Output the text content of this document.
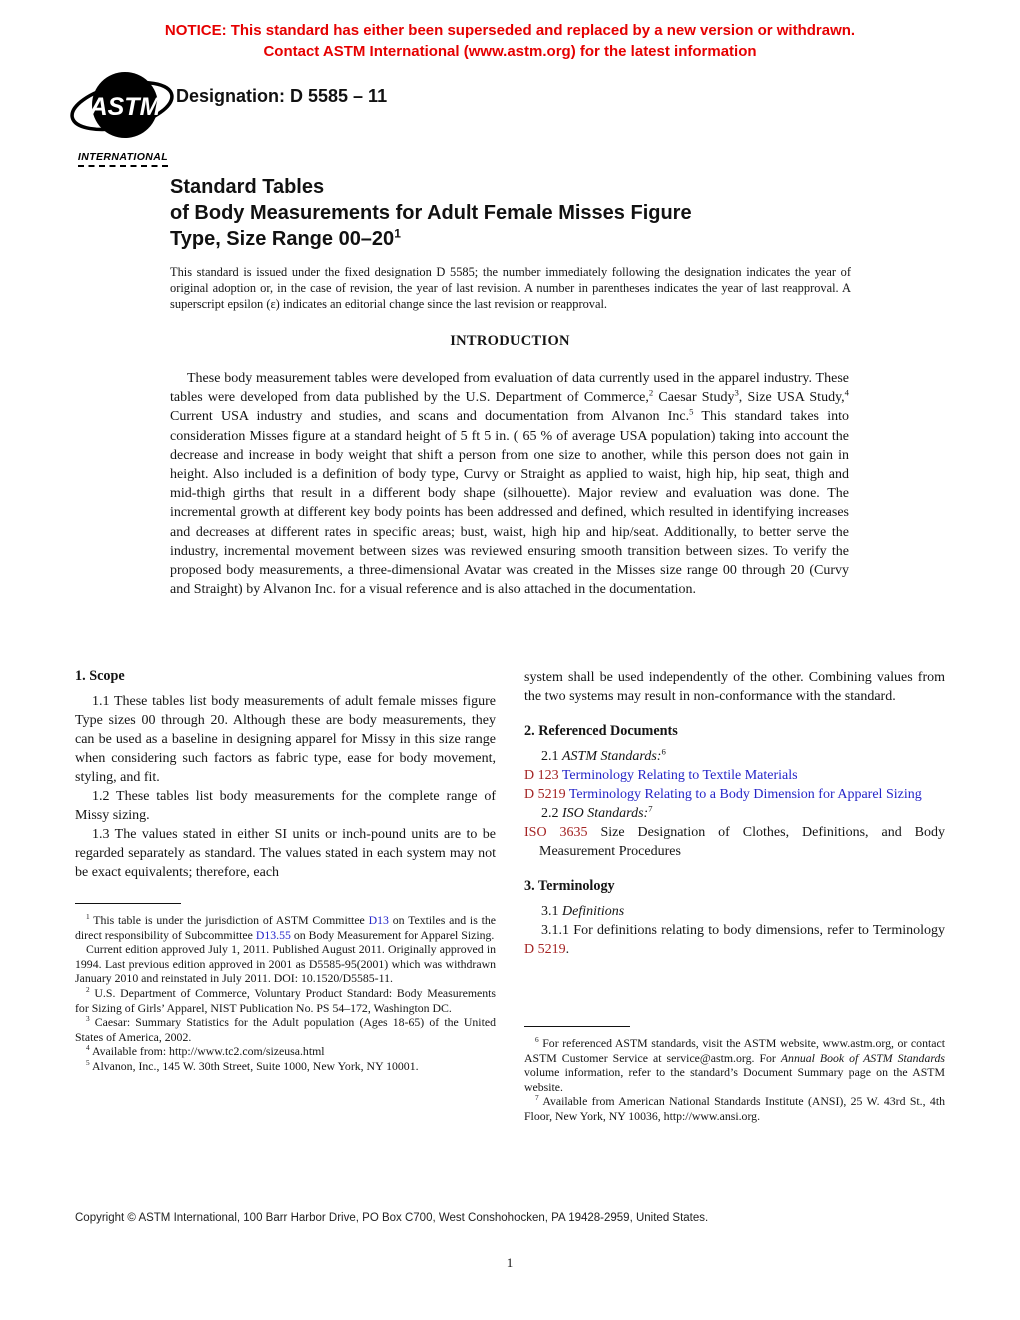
NOTICE: This standard has either been superseded and replaced by a new version or withdrawn.
Contact ASTM International (www.astm.org) for the latest information
ASTM
INTERNATIONAL
Designation: D 5585 – 11
Standard Tables
of Body Measurements for Adult Female Misses Figure
Type, Size Range $00-20^1$
This standard is issued under the fixed designation D 5585; the number immediately following the designation indicates the year of original adoption or, in the case of revision, the year of last revision. A number in parentheses indicates the year of last reapproval. A superscript epsilon (ε) indicates an editorial change since the last revision or reapproval.
INTRODUCTION
These body measurement tables were developed from evaluation of data currently used in the apparel industry. These tables were developed from data published by the U.S. Department of Commerce,$^2$ Caesar Study$^3$, Size USA Study,$^4$ Current USA industry and studies, and scans and documentation from Alvanon Inc.$^5$ This standard takes into consideration Misses figure at a standard height of 5 ft 5 in. ( 65 % of average USA population) taking into account the decrease and increase in body weight that shift a person from one size to another, while this person does not gain in height. Also included is a definition of body type, Curvy or Straight as applied to waist, high hip, hip seat, thigh and mid-thigh girths that result in a different body shape (silhouette). Major review and evaluation was done. The incremental growth at different key body points has been addressed and defined, which resulted in identifying increases and decreases at different rates in specific areas; bust, waist, high hip and hip/seat. Additionally, to better serve the industry, incremental movement between sizes was reviewed ensuring smooth transition between sizes. To verify the proposed body measurements, a three-dimensional Avatar was created in the Misses size range 00 through 20 (Curvy and Straight) by Alvanon Inc. for a visual reference and is also attached in the documentation.
1. Scope

1.1 These tables list body measurements of adult female misses figure Type sizes 00 through 20. Although these are body measurements, they can be used as a baseline in designing apparel for Missy in this size range when considering such factors as fabric type, ease for body movement, styling, and fit.

1.2 These tables list body measurements for the complete range of Missy sizing.

1.3 The values stated in either SI units or inch-pound units are to be regarded separately as standard. The values stated in each system may not be exact equivalents; therefore, each

system shall be used independently of the other. Combining values from the two systems may result in non-conformance with the standard.

2. Referenced Documents

2.1 ASTM Standards:$^6$

D 123 Terminology Relating to Textile Materials

D 5219 Terminology Relating to a Body Dimension for Apparel Sizing

2.2 ISO Standards:$^7$

ISO 3635 Size Designation of Clothes, Definitions, and Body Measurement Procedures

3. Terminology

3.1 Definitions

3.1.1 For definitions relating to body dimensions, refer to Terminology D 5219.

$^1$ This table is under the jurisdiction of ASTM Committee D13 on Textiles and is the direct responsibility of Subcommittee D13.55 on Body Measurement for Apparel Sizing.

Current edition approved July 1, 2011. Published August 2011. Originally approved in 1994. Last previous edition approved in 2001 as D5585-95(2001) which was withdrawn January 2010 and reinstated in July 2011. DOI: 10.1520/D5585-11.

$^2$ U.S. Department of Commerce, Voluntary Product Standard: Body Measurements for Sizing of Girls’ Apparel, NIST Publication No. PS 54–172, Washington DC.

$^3$ Caesar: Summary Statistics for the Adult population (Ages 18-65) of the United States of America, 2002.

$^4$ Available from: http://www.tc2.com/sizeusa.html

$^5$ Alvanon, Inc., 145 W. 30th Street, Suite 1000, New York, NY 10001.

$^6$ For referenced ASTM standards, visit the ASTM website, www.astm.org, or contact ASTM Customer Service at service@astm.org. For Annual Book of ASTM Standards volume information, refer to the standard’s Document Summary page on the ASTM website.

$^7$ Available from American National Standards Institute (ANSI), 25 W. 43rd St., 4th Floor, New York, NY 10036, http://www.ansi.org.

Copyright © ASTM International, 100 Barr Harbor Drive, PO Box C700, West Conshohocken, PA 19428-2959, United States.
1
